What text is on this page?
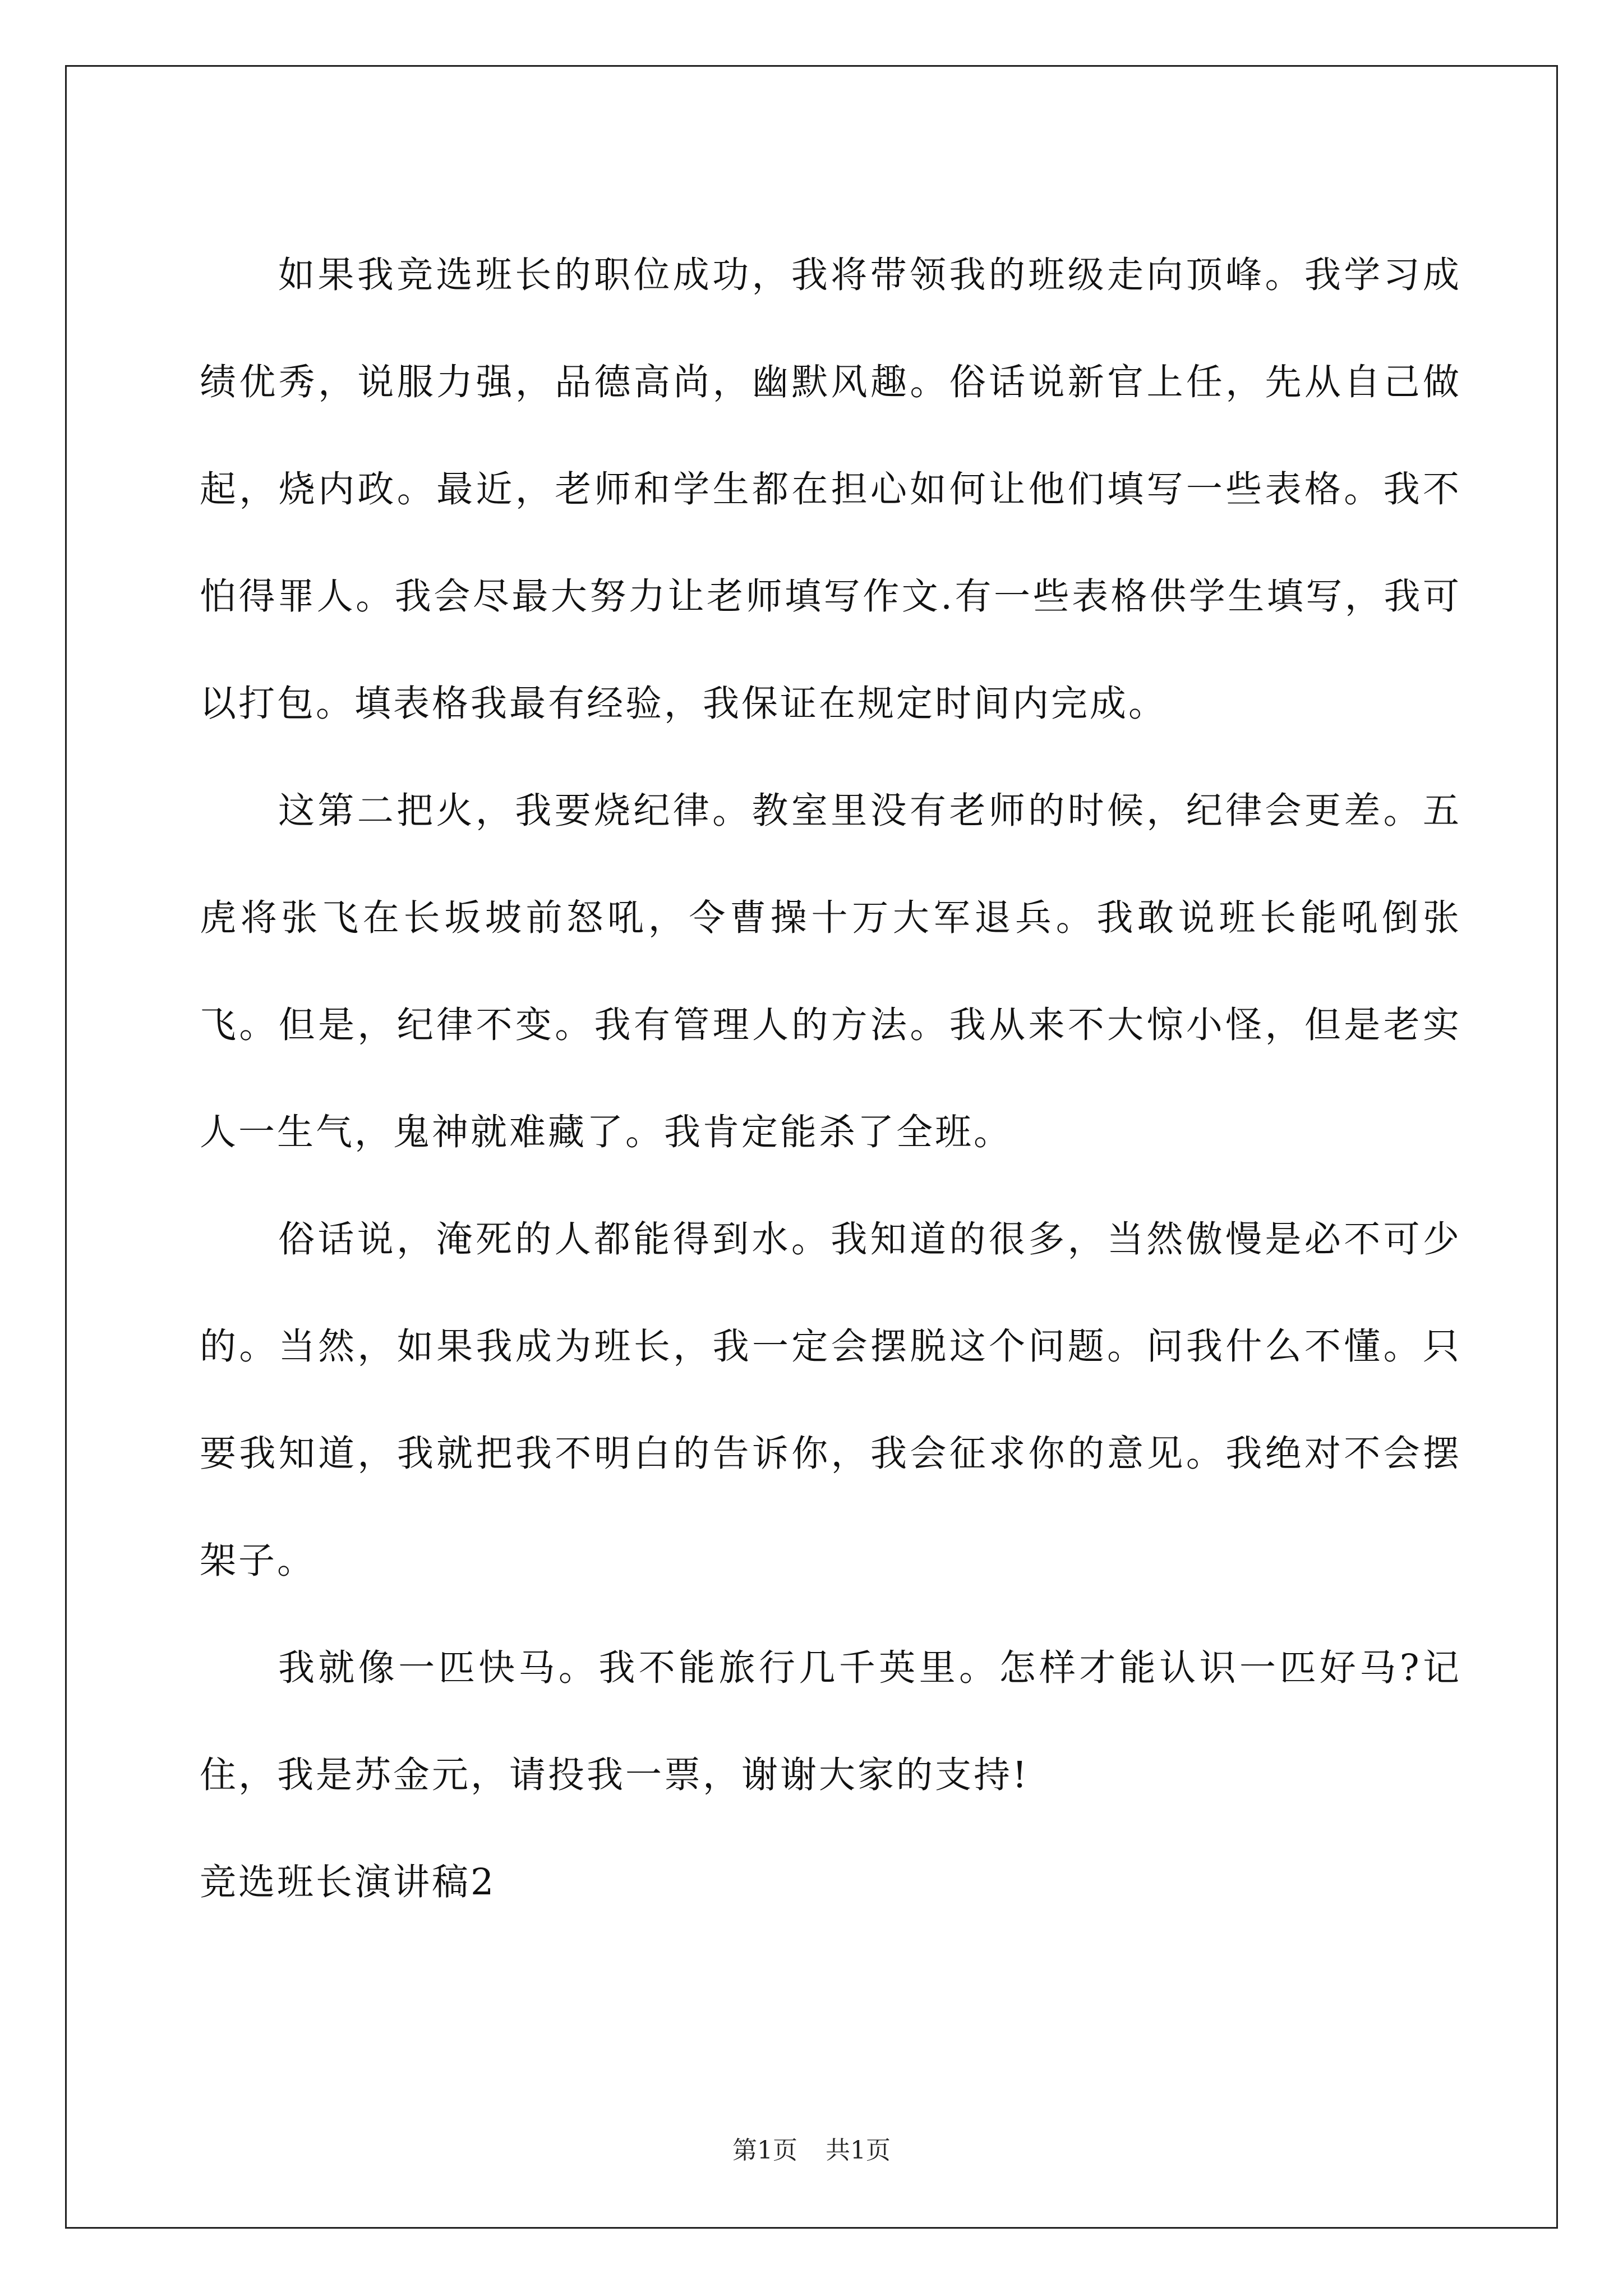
如果我竞选班长的职位成功，我将带领我的班级走向顶峰。我学习成绩优秀，说服力强，品德高尚，幽默风趣。俗话说新官上任，先从自己做起，烧内政。最近，老师和学生都在担心如何让他们填写一些表格。我不怕得罪人。我会尽最大努力让老师填写作文.有一些表格供学生填写，我可以打包。填表格我最有经验，我保证在规定时间内完成。

这第二把火，我要烧纪律。教室里没有老师的时候，纪律会更差。五虎将张飞在长坂坡前怒吼，令曹操十万大军退兵。我敢说班长能吼倒张飞。但是，纪律不变。我有管理人的方法。我从来不大惊小怪，但是老实人一生气，鬼神就难藏了。我肯定能杀了全班。

俗话说，淹死的人都能得到水。我知道的很多，当然傲慢是必不可少的。当然，如果我成为班长，我一定会摆脱这个问题。问我什么不懂。只要我知道，我就把我不明白的告诉你，我会征求你的意见。我绝对不会摆架子。

我就像一匹快马。我不能旅行几千英里。怎样才能认识一匹好马?记住，我是苏金元，请投我一票，谢谢大家的支持!

竞选班长演讲稿2

第1页 共1页
